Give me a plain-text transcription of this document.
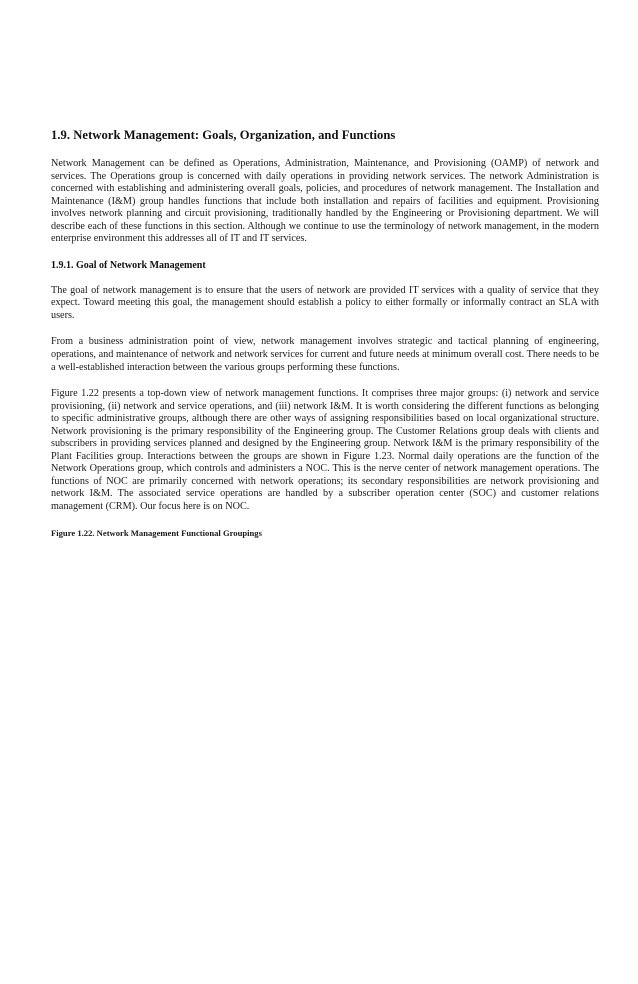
1.9. Network Management: Goals, Organization, and Functions

Network Management can be defined as Operations, Administration, Maintenance, and Provisioning (OAMP) of network and services. The Operations group is concerned with daily operations in providing network services. The network Administration is concerned with establishing and administering overall goals, policies, and procedures of network management. The Installation and Maintenance (I&M) group handles functions that include both installation and repairs of facilities and equipment. Provisioning involves network planning and circuit provisioning, traditionally handled by the Engineering or Provisioning department. We will describe each of these functions in this section. Although we continue to use the terminology of network management, in the modern enterprise environment this addresses all of IT and IT services.

1.9.1. Goal of Network Management

The goal of network management is to ensure that the users of network are provided IT services with a quality of service that they expect. Toward meeting this goal, the management should establish a policy to either formally or informally contract an SLA with users.

From a business administration point of view, network management involves strategic and tactical planning of engineering, operations, and maintenance of network and network services for current and future needs at minimum overall cost. There needs to be a well-established interaction between the various groups performing these functions.

Figure 1.22 presents a top-down view of network management functions. It comprises three major groups: (i) network and service provisioning, (ii) network and service operations, and (iii) network I&M. It is worth considering the different functions as belonging to specific administrative groups, although there are other ways of assigning responsibilities based on local organizational structure. Network provisioning is the primary responsibility of the Engineering group. The Customer Relations group deals with clients and subscribers in providing services planned and designed by the Engineering group. Network I&M is the primary responsibility of the Plant Facilities group. Interactions between the groups are shown in Figure 1.23. Normal daily operations are the function of the Network Operations group, which controls and administers a NOC. This is the nerve center of network management operations. The functions of NOC are primarily concerned with network operations; its secondary responsibilities are network provisioning and network I&M. The associated service operations are handled by a subscriber operation center (SOC) and customer relations management (CRM). Our focus here is on NOC.

Figure 1.22. Network Management Functional Groupings
